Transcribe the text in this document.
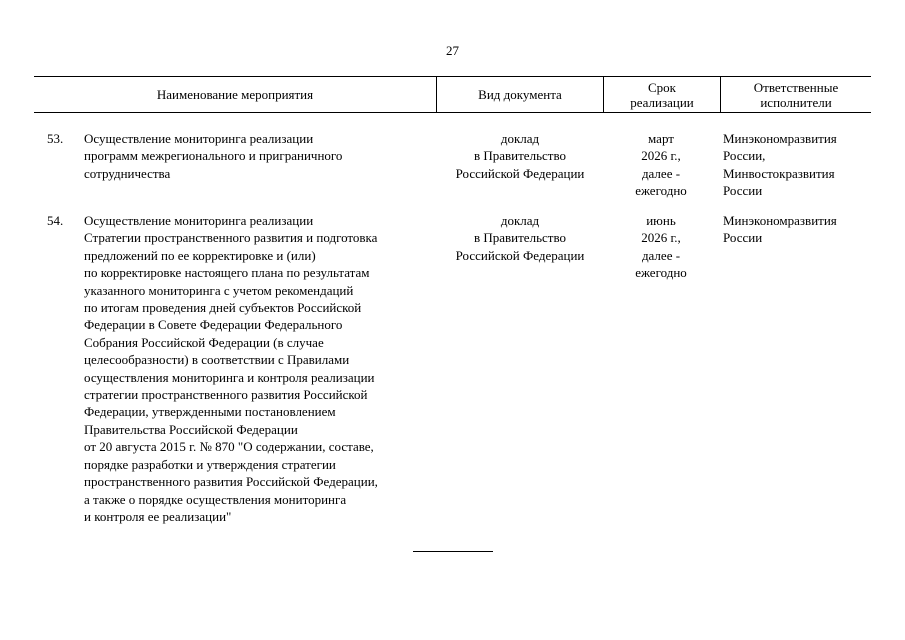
27
Наименование мероприятия	Вид документа	Срок
реализации
Ответственные
исполнители
53. Осуществление мониторинга реализации
программ межрегионального и приграничного
сотрудничества
доклад
в Правительство
Российской Федерации
март
2026 г.,
далее -
ежегодно
Минэкономразвития
России,
Минвостокразвития
России
54. Осуществление мониторинга реализации
Стратегии пространственного развития и подготовка
предложений по ее корректировке и (или)
по корректировке настоящего плана по результатам
указанного мониторинга с учетом рекомендаций
по итогам проведения дней субъектов Российской
Федерации в Совете Федерации Федерального
Собрания Российской Федерации (в случае
целесообразности) в соответствии с Правилами
осуществления мониторинга и контроля реализации
стратегии пространственного развития Российской
Федерации, утвержденными постановлением
Правительства Российской Федерации
от 20 августа 2015 г. № 870 "О содержании, составе,
порядке разработки и утверждения стратегии
пространственного развития Российской Федерации,
а также о порядке осуществления мониторинга
и контроля ее реализации"
доклад
в Правительство
Российской Федерации
июнь
2026 г.,
далее -
ежегодно
Минэкономразвития
России
